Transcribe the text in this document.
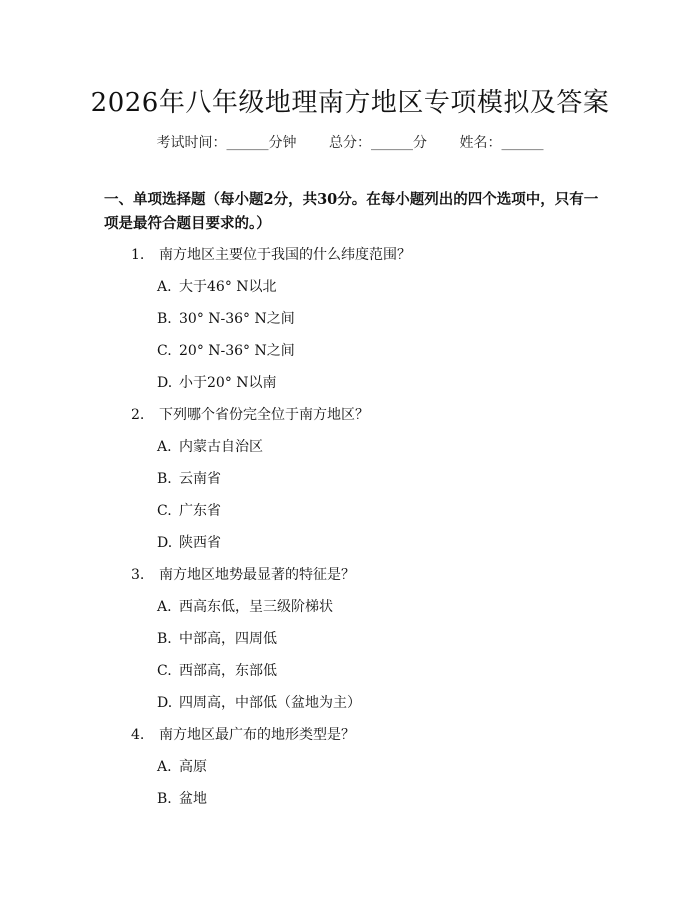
2026年八年级地理南方地区专项模拟及答案
考试时间：______分钟 总分：______分 姓名：______
一、单项选择题（每小题2分，共30分。在每小题列出的四个选项中，只有一项是最符合题目要求的。）
1. 南方地区主要位于我国的什么纬度范围？
A. 大于46° N以北
B. 30° N-36° N之间
C. 20° N-36° N之间
D. 小于20° N以南
2. 下列哪个省份完全位于南方地区？
A. 内蒙古自治区
B. 云南省
C. 广东省
D. 陕西省
3. 南方地区地势最显著的特征是？
A. 西高东低，呈三级阶梯状
B. 中部高，四周低
C. 西部高，东部低
D. 四周高，中部低（盆地为主）
4. 南方地区最广布的地形类型是？
A. 高原
B. 盆地
